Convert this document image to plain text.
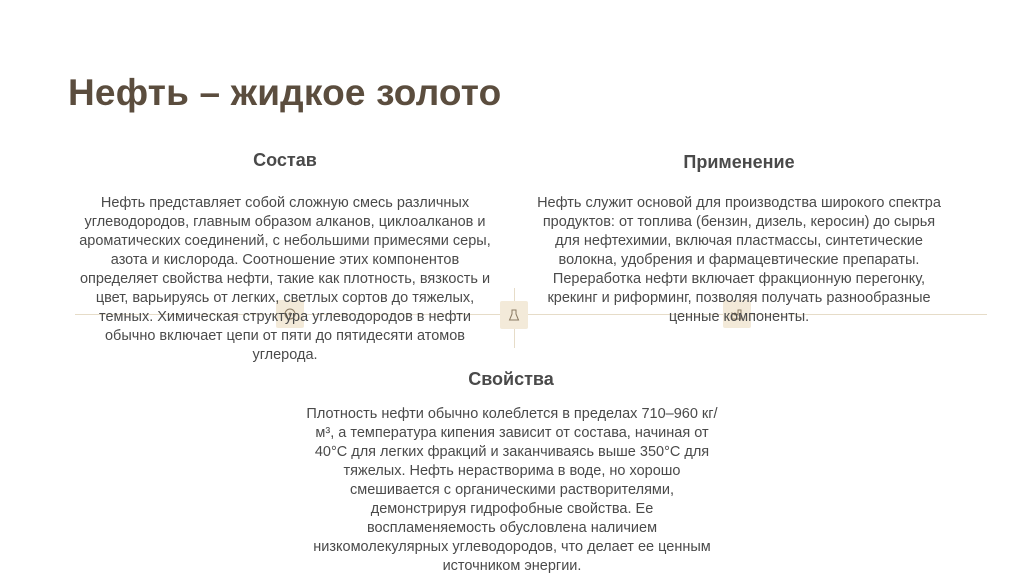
Нефть – жидкое золото
Состав

Нефть представляет собой сложную смесь различных углеводородов, главным образом алканов, циклоалканов и ароматических соединений, с небольшими примесями серы, азота и кислорода. Соотношение этих компонентов определяет свойства нефти, такие как плотность, вязкость и цвет, варьируясь от легких, светлых сортов до тяжелых, темных. Химическая структура углеводородов в нефти обычно включает цепи от пяти до пятидесяти атомов углерода.

Применение

Нефть служит основой для производства широкого спектра продуктов: от топлива (бензин, дизель, керосин) до сырья для нефтехимии, включая пластмассы, синтетические волокна, удобрения и фармацевтические препараты. Переработка нефти включает фракционную перегонку, крекинг и риформинг, позволяя получать разнообразные ценные компоненты.

Свойства

Плотность нефти обычно колеблется в пределах 710–960 кг/м³, а температура кипения зависит от состава, начиная от 40°С для легких фракций и заканчиваясь выше 350°С для тяжелых. Нефть нерастворима в воде, но хорошо смешивается с органическими растворителями, демонстрируя гидрофобные свойства. Ее воспламеняемость обусловлена наличием низкомолекулярных углеводородов, что делает ее ценным источником энергии.
